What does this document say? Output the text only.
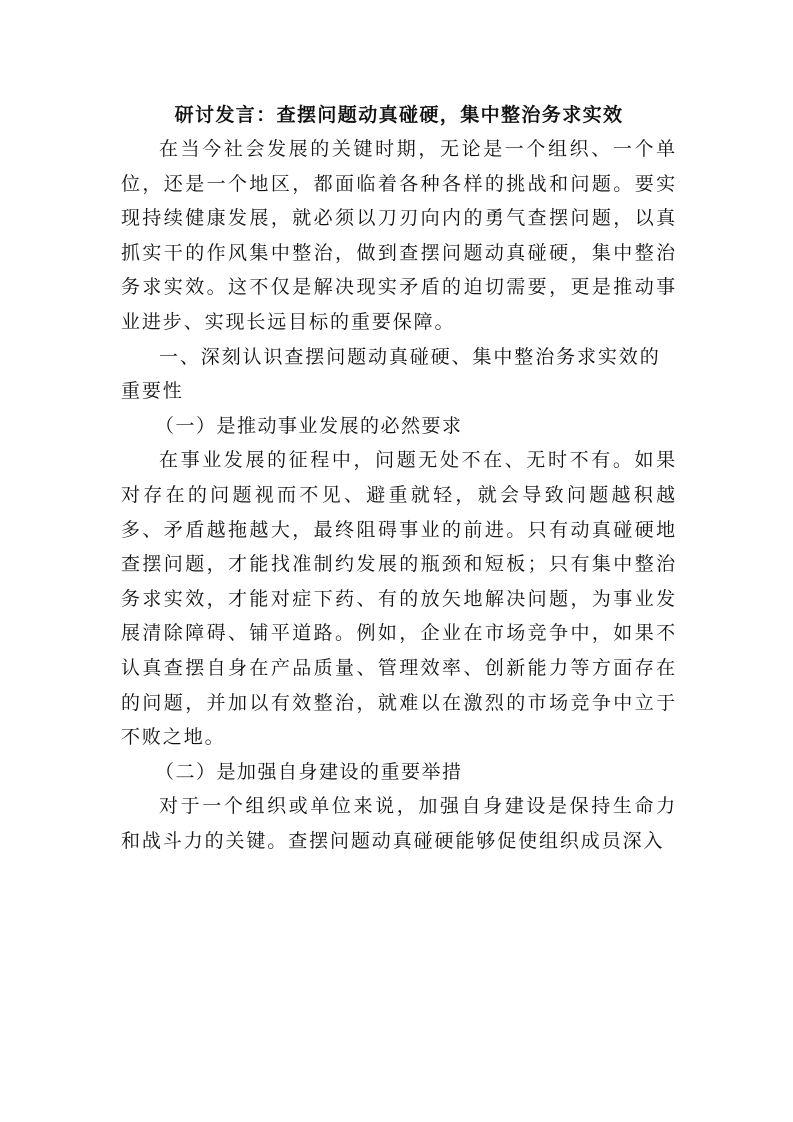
研讨发言：查摆问题动真碰硬，集中整治务求实效

在当今社会发展的关键时期，无论是一个组织、一个单位，还是一个地区，都面临着各种各样的挑战和问题。要实现持续健康发展，就必须以刀刃向内的勇气查摆问题，以真抓实干的作风集中整治，做到查摆问题动真碰硬，集中整治务求实效。这不仅是解决现实矛盾的迫切需要，更是推动事业进步、实现长远目标的重要保障。

一、深刻认识查摆问题动真碰硬、集中整治务求实效的重要性

（一）是推动事业发展的必然要求

在事业发展的征程中，问题无处不在、无时不有。如果对存在的问题视而不见、避重就轻，就会导致问题越积越多、矛盾越拖越大，最终阻碍事业的前进。只有动真碰硬地查摆问题，才能找准制约发展的瓶颈和短板；只有集中整治务求实效，才能对症下药、有的放矢地解决问题，为事业发展清除障碍、铺平道路。例如，企业在市场竞争中，如果不认真查摆自身在产品质量、管理效率、创新能力等方面存在的问题，并加以有效整治，就难以在激烈的市场竞争中立于不败之地。

（二）是加强自身建设的重要举措

对于一个组织或单位来说，加强自身建设是保持生命力和战斗力的关键。查摆问题动真碰硬能够促使组织成员深入
